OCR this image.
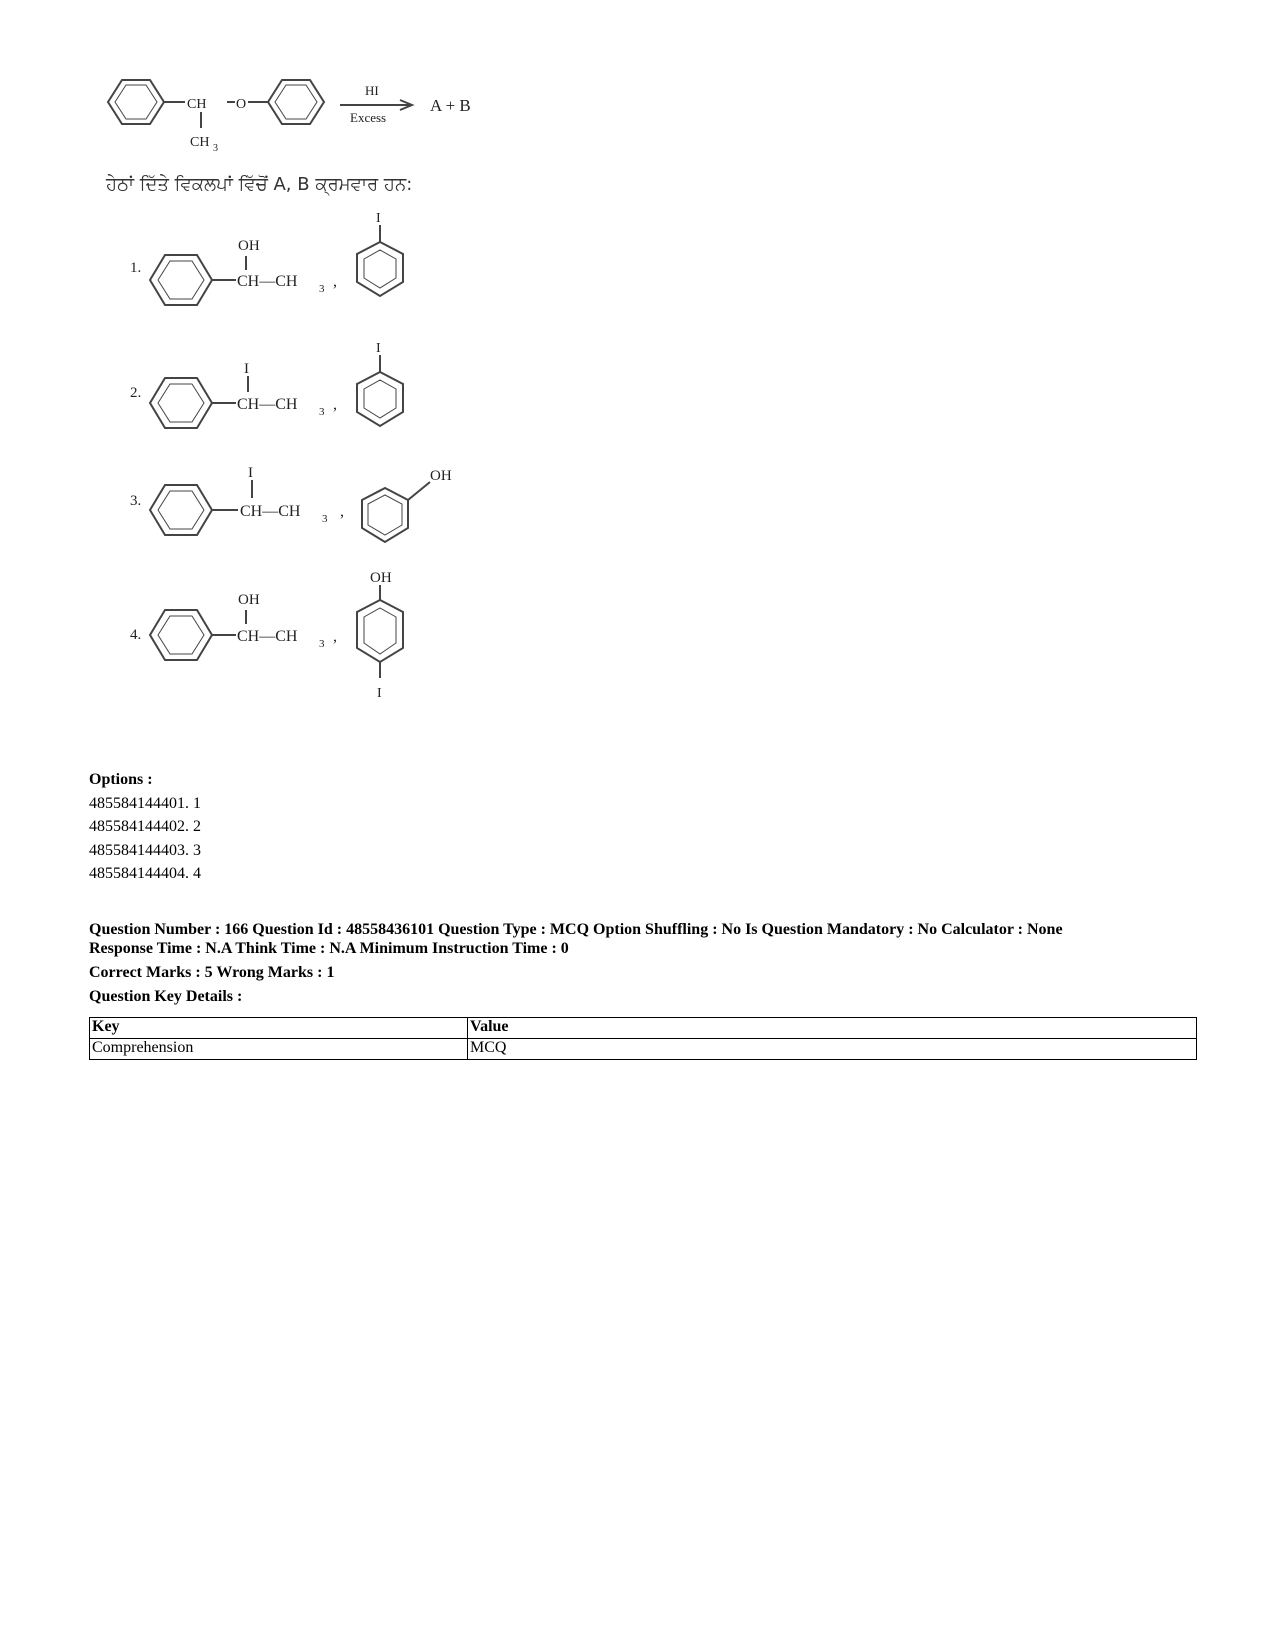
CH O
CH 3
HI
Excess
A + B
ਹੇਠਾਂ ਦਿੱਤੇ ਵਿਕਲਪਾਂ ਵਿੱਚੋਂ A, B ਕ੍ਰਮਵਾਰ ਹਨ:
1.
OH
CH—CH 3 ,
I
2.
I
CH—CH 3 ,
I
3.
I
CH—CH 3 ,
OH
4.
OH
CH—CH 3 ,
OH
I
Options :
485584144401. 1
485584144402. 2
485584144403. 3
485584144404. 4

Question Number : 166 Question Id : 48558436101 Question Type : MCQ Option Shuffling : No Is Question Mandatory : No Calculator : None

Response Time : N.A Think Time : N.A Minimum Instruction Time : 0

Correct Marks : 5 Wrong Marks : 1

Question Key Details :

Key	Value
Comprehension	MCQ
